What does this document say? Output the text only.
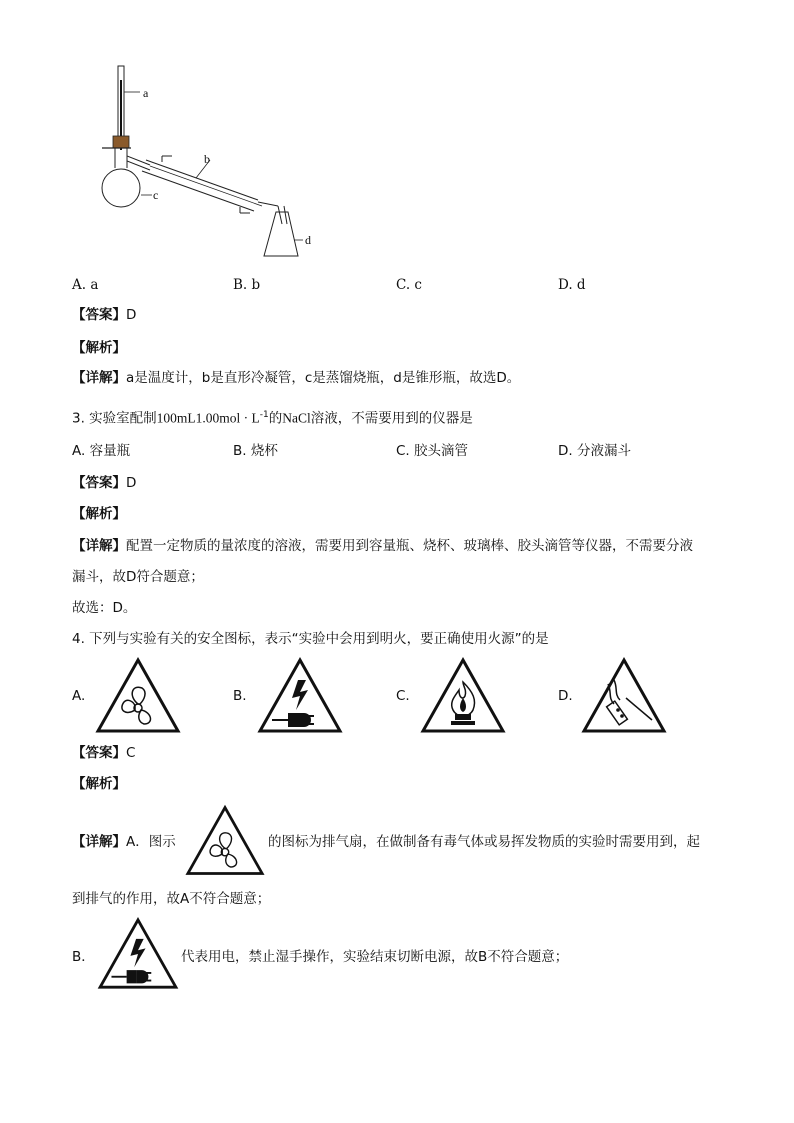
a
b
c
d
A. a	B. b	C. c	D. d
【答案】D
【解析】
【详解】a是温度计，b是直形冷凝管，c是蒸馏烧瓶，d是锥形瓶，故选D。
3. 实验室配制$100mL1.00mol \cdot L^{-1}$的NaCl溶液，不需要用到的仪器是
A. 容量瓶	B. 烧杯	C. 胶头滴管	D. 分液漏斗
【答案】D
【解析】
【详解】配置一定物质的量浓度的溶液，需要用到容量瓶、烧杯、玻璃棒、胶头滴管等仪器，不需要分液
漏斗，故D符合题意；
故选：D。
4. 下列与实验有关的安全图标，表示“实验中会用到明火，要正确使用火源”的是
A.	B.	C.	D.
【答案】C
【解析】
【详解】A．图示	的图标为排气扇，在做制备有毒气体或易挥发物质的实验时需要用到，起
到排气的作用，故A不符合题意；
B．	代表用电，禁止湿手操作，实验结束切断电源，故B不符合题意；
